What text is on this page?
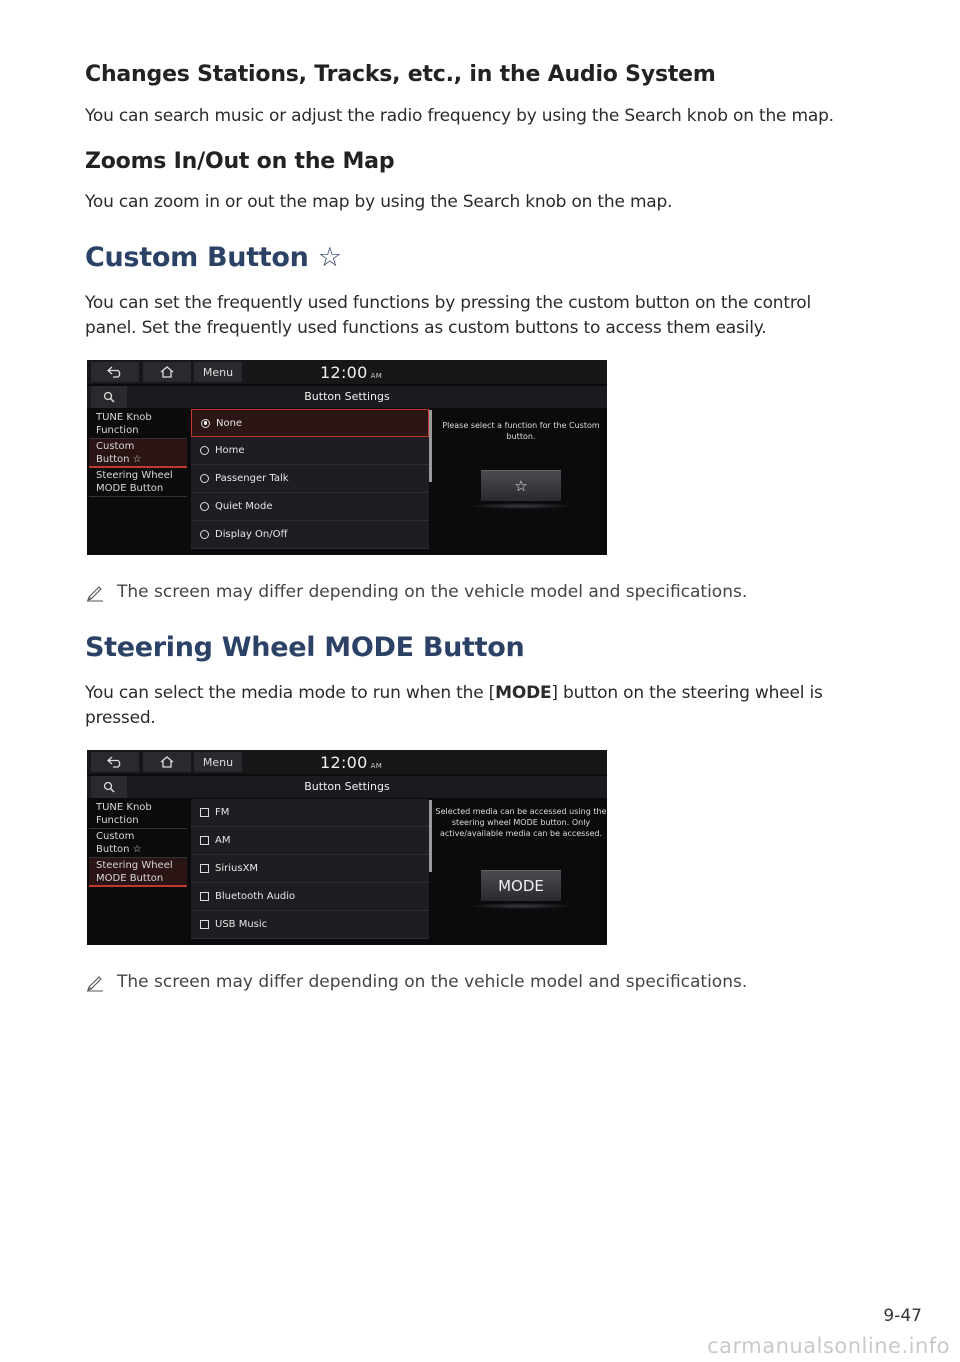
Changes Stations, Tracks, etc., in the Audio System

You can search music or adjust the radio frequency by using the Search knob on the map.

Zooms In/Out on the Map

You can zoom in or out the map by using the Search knob on the map.

Custom Button ☆

You can set the frequently used functions by pressing the custom button on the control panel. Set the frequently used functions as custom buttons to access them easily.

Menu	12:00 AM
Button Settings
TUNE Knob
Function
Custom
Button ☆
Steering Wheel
MODE Button
None
Home
Passenger Talk
Quiet Mode
Display On/Off
Please select a function for the Custom button.
☆
The screen may differ depending on the vehicle model and specifications.
Steering Wheel MODE Button

You can select the media mode to run when the [MODE] button on the steering wheel is pressed.

Menu	12:00 AM
Button Settings
TUNE Knob
Function
Custom
Button ☆
Steering Wheel
MODE Button
FM
AM
SiriusXM
Bluetooth Audio
USB Music
Selected media can be accessed using the steering wheel MODE button. Only active/available media can be accessed.
MODE
The screen may differ depending on the vehicle model and specifications.
9-47
carmanualsonline.info
